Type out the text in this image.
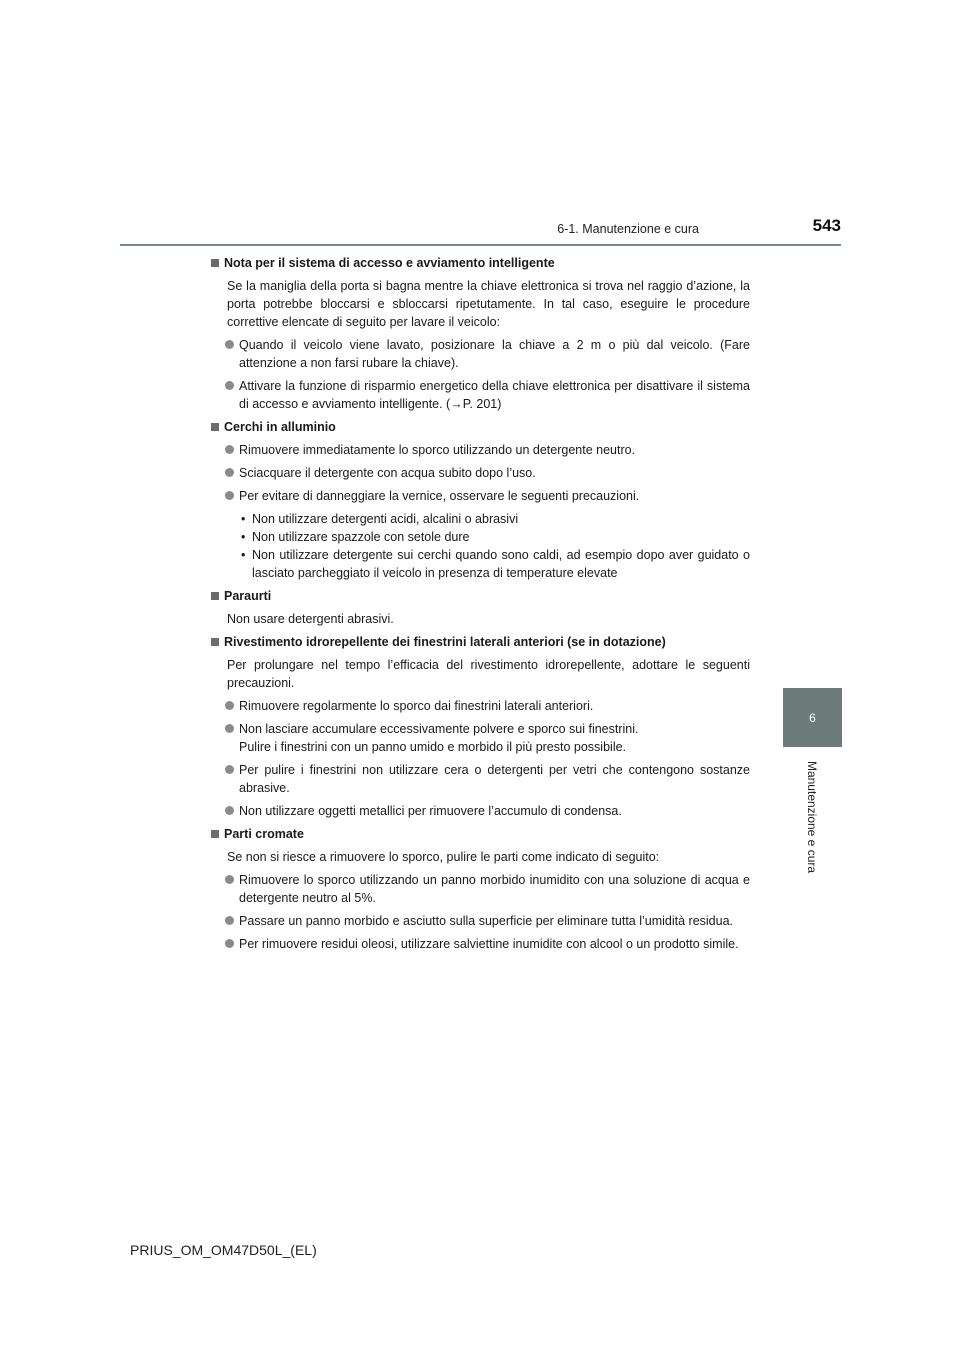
6-1. Manutenzione e cura	543
6
Manutenzione e cura
Nota per il sistema di accesso e avviamento intelligente
Se la maniglia della porta si bagna mentre la chiave elettronica si trova nel raggio d’azione, la porta potrebbe bloccarsi e sbloccarsi ripetutamente. In tal caso, eseguire le procedure correttive elencate di seguito per lavare il veicolo:
Quando il veicolo viene lavato, posizionare la chiave a 2 m o più dal veicolo. (Fare attenzione a non farsi rubare la chiave).
Attivare la funzione di risparmio energetico della chiave elettronica per disattivare il sistema di accesso e avviamento intelligente. (→P. 201)
Cerchi in alluminio
Rimuovere immediatamente lo sporco utilizzando un detergente neutro.
Sciacquare il detergente con acqua subito dopo l’uso.
Per evitare di danneggiare la vernice, osservare le seguenti precauzioni.
• Non utilizzare detergenti acidi, alcalini o abrasivi
• Non utilizzare spazzole con setole dure
• Non utilizzare detergente sui cerchi quando sono caldi, ad esempio dopo aver guidato o lasciato parcheggiato il veicolo in presenza di temperature elevate
Paraurti
Non usare detergenti abrasivi.
Rivestimento idrorepellente dei finestrini laterali anteriori (se in dotazione)
Per prolungare nel tempo l’efficacia del rivestimento idrorepellente, adottare le seguenti precauzioni.
Rimuovere regolarmente lo sporco dai finestrini laterali anteriori.
Non lasciare accumulare eccessivamente polvere e sporco sui finestrini.
Pulire i finestrini con un panno umido e morbido il più presto possibile.
Per pulire i finestrini non utilizzare cera o detergenti per vetri che contengono sostanze abrasive.
Non utilizzare oggetti metallici per rimuovere l’accumulo di condensa.
Parti cromate
Se non si riesce a rimuovere lo sporco, pulire le parti come indicato di seguito:
Rimuovere lo sporco utilizzando un panno morbido inumidito con una soluzione di acqua e detergente neutro al 5%.
Passare un panno morbido e asciutto sulla superficie per eliminare tutta l’umidità residua.
Per rimuovere residui oleosi, utilizzare salviettine inumidite con alcool o un prodotto simile.
PRIUS_OM_OM47D50L_(EL)
